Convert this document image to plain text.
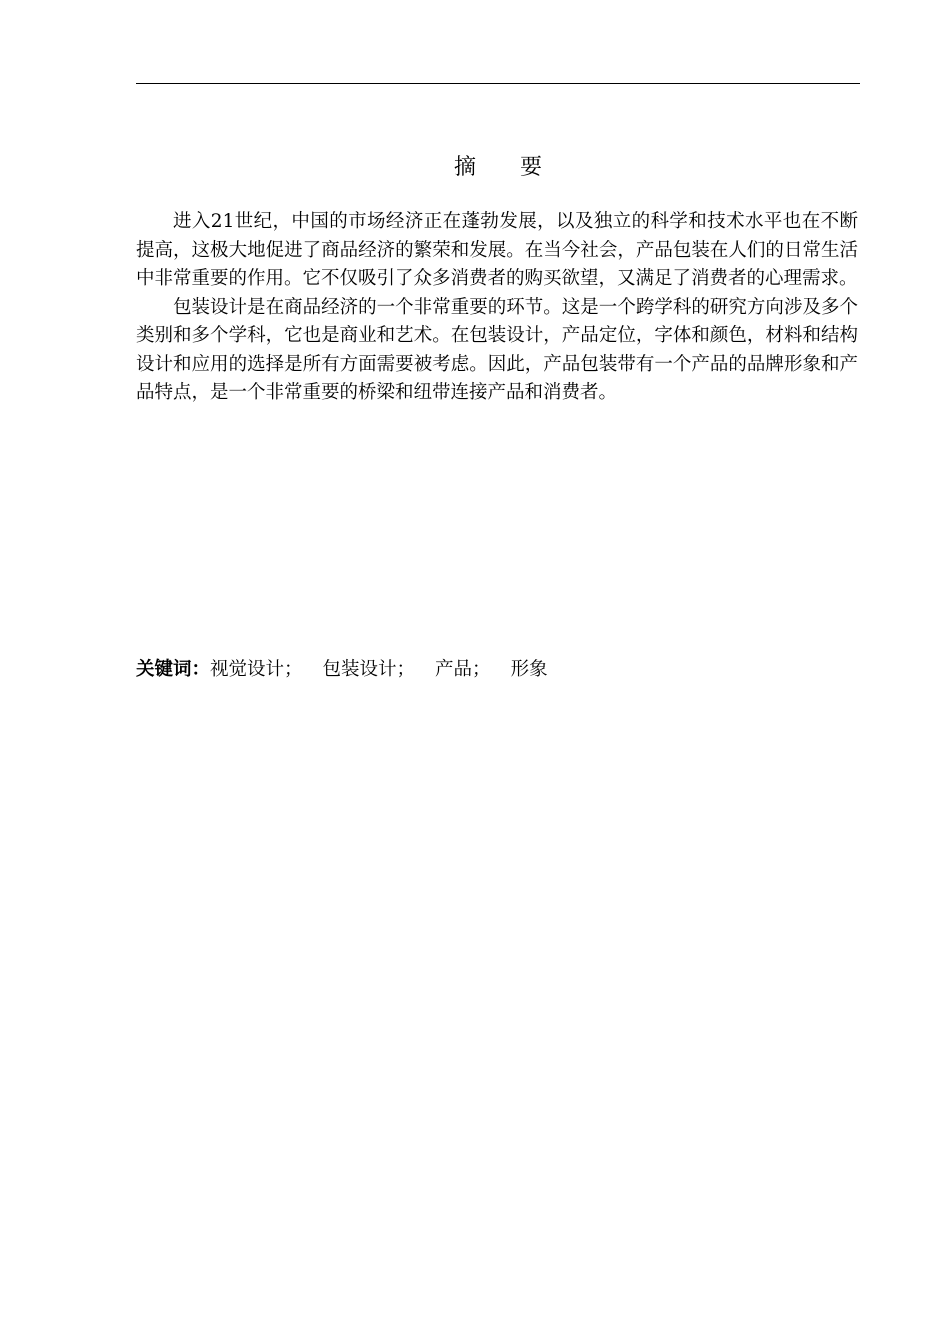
摘要

进入21世纪，中国的市场经济正在蓬勃发展，以及独立的科学和技术水平也在不断提高，这极大地促进了商品经济的繁荣和发展。在当今社会，产品包装在人们的日常生活中非常重要的作用。它不仅吸引了众多消费者的购买欲望，又满足了消费者的心理需求。

包装设计是在商品经济的一个非常重要的环节。这是一个跨学科的研究方向涉及多个类别和多个学科，它也是商业和艺术。在包装设计，产品定位，字体和颜色，材料和结构设计和应用的选择是所有方面需要被考虑。因此，产品包装带有一个产品的品牌形象和产品特点，是一个非常重要的桥梁和纽带连接产品和消费者。

关键词：视觉设计； 包装设计； 产品； 形象
